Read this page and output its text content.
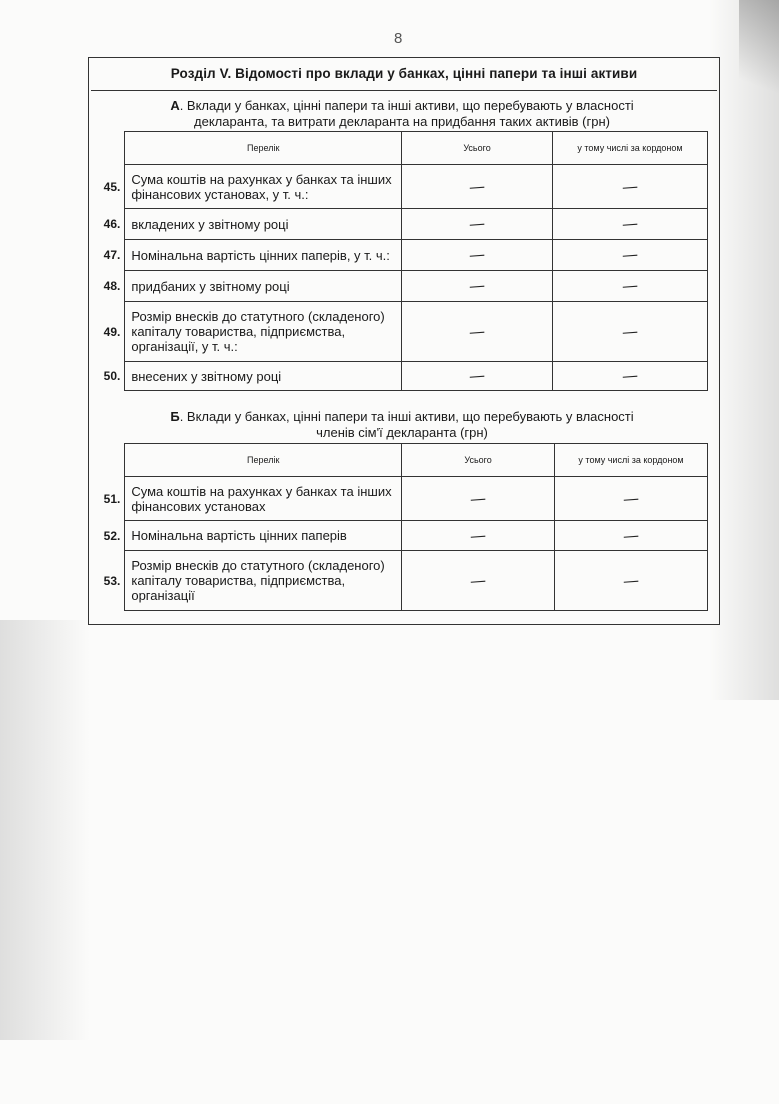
8
Розділ V. Відомості про вклади у банках, цінні папери та інші активи
А. Вклади у банках, цінні папери та інші активи, що перебувають у власності декларанта, та витрати декларанта на придбання таких активів (грн)
	Перелік	Усього	у тому числі за кордоном
45.	Сума коштів на рахунках у банках та інших фінансових установах, у т. ч.:	—	—
46.	вкладених у звітному році	—	—
47.	Номінальна вартість цінних паперів, у т. ч.:	—	—
48.	придбаних у звітному році	—	—
49.	Розмір внесків до статутного (складеного) капіталу товариства, підприємства, організації, у т. ч.:	—	—
50.	внесених у звітному році	—	—
Б. Вклади у банках, цінні папери та інші активи, що перебувають у власності членів сім'ї декларанта (грн)
	Перелік	Усього	у тому числі за кордоном
51.	Сума коштів на рахунках у банках та інших фінансових установах	—	—
52.	Номінальна вартість цінних паперів	—	—
53.	Розмір внесків до статутного (складеного) капіталу товариства, підприємства, організації	—	—
